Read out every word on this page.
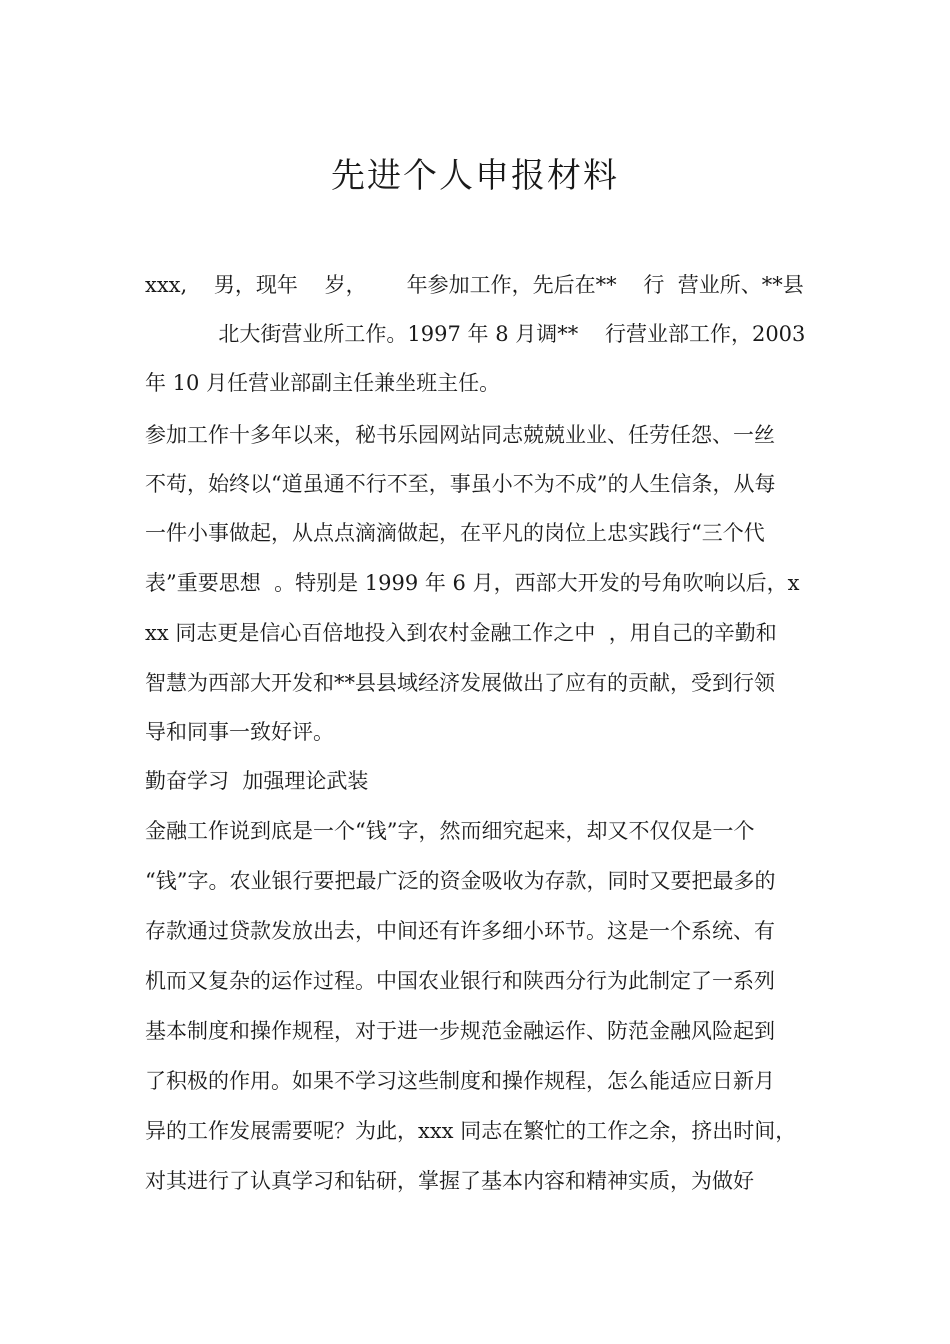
先进个人申报材料

xxx,    男，现年    岁，      年参加工作，先后在**    行  营业所、**县

北大街营业所工作。1997 年 8 月调**    行营业部工作，2003

年 10 月任营业部副主任兼坐班主任。

参加工作十多年以来，秘书乐园网站同志兢兢业业、任劳任怨、一丝

不苟，始终以“道虽通不行不至，事虽小不为不成”的人生信条，从每

一件小事做起，从点点滴滴做起，在平凡的岗位上忠实践行“三个代

表”重要思想  。特别是 1999 年 6 月，西部大开发的号角吹响以后，x

xx 同志更是信心百倍地投入到农村金融工作之中  ，用自己的辛勤和

智慧为西部大开发和**县县域经济发展做出了应有的贡献，受到行领

导和同事一致好评。

勤奋学习  加强理论武装

金融工作说到底是一个“钱”字，然而细究起来，却又不仅仅是一个

“钱”字。农业银行要把最广泛的资金吸收为存款，同时又要把最多的

存款通过贷款发放出去，中间还有许多细小环节。这是一个系统、有

机而又复杂的运作过程。中国农业银行和陕西分行为此制定了一系列

基本制度和操作规程，对于进一步规范金融运作、防范金融风险起到

了积极的作用。如果不学习这些制度和操作规程，怎么能适应日新月

异的工作发展需要呢？为此，xxx 同志在繁忙的工作之余，挤出时间，

对其进行了认真学习和钻研，掌握了基本内容和精神实质，为做好
